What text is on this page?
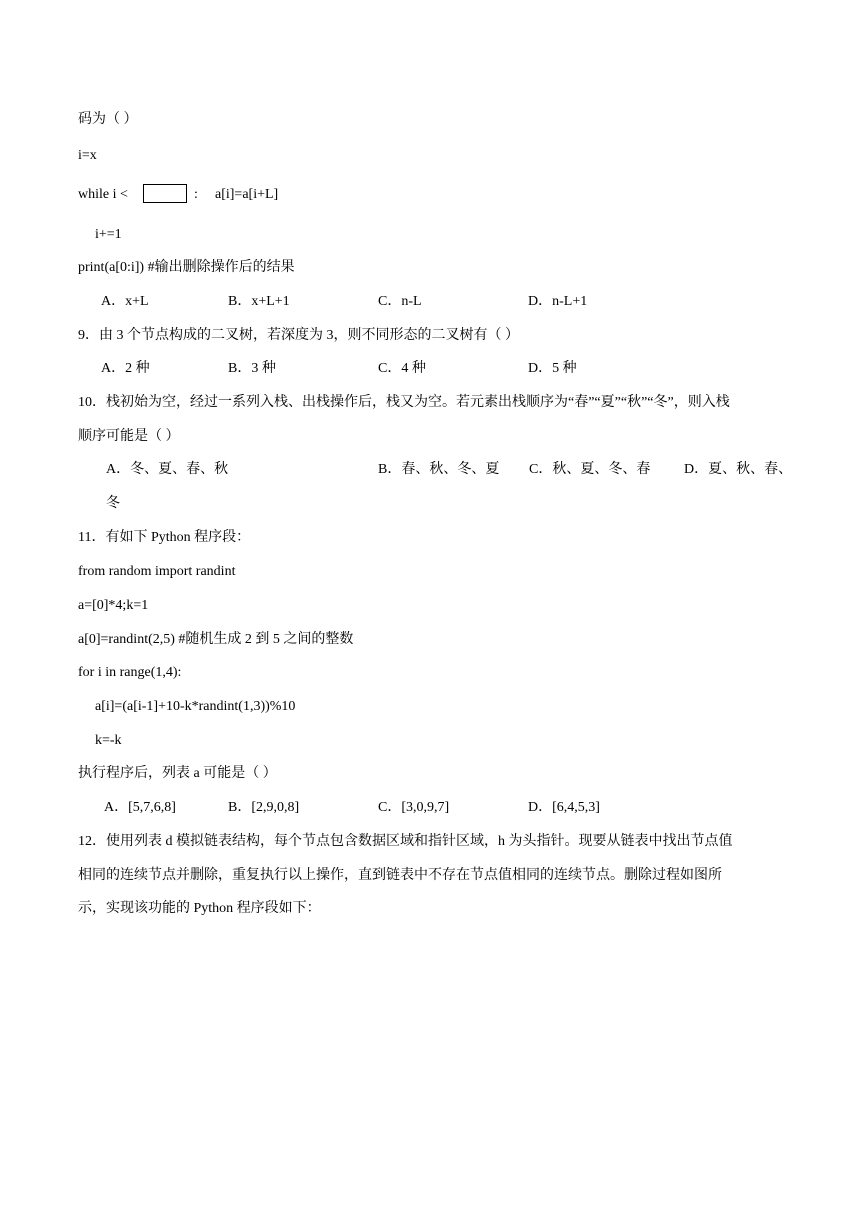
码为（ ）
i=x
while i <	: a[i]=a[i+L]
i+=1
print(a[0:i]) #输出删除操作后的结果
A．x+L	B．x+L+1	C．n-L	D．n-L+1
9．由 3 个节点构成的二叉树，若深度为 3，则不同形态的二叉树有（ ）
A．2 种	B．3 种	C．4 种	D．5 种
10．栈初始为空，经过一系列入栈、出栈操作后，栈又为空。若元素出栈顺序为“春”“夏”“秋”“冬”，则入栈
顺序可能是（ ）
A．冬、夏、春、秋	B．春、秋、冬、夏 C．秋、夏、冬、春 D．夏、秋、春、
冬
11．有如下 Python 程序段：
from random import randint
a=[0]*4;k=1
a[0]=randint(2,5) #随机生成 2 到 5 之间的整数
for i in range(1,4):
a[i]=(a[i-1]+10-k*randint(1,3))%10
k=-k
执行程序后，列表 a 可能是（ ）
A．[5,7,6,8]	B．[2,9,0,8]	C．[3,0,9,7]	D．[6,4,5,3]
12．使用列表 d 模拟链表结构，每个节点包含数据区域和指针区域，h 为头指针。现要从链表中找出节点值
相同的连续节点并删除，重复执行以上操作，直到链表中不存在节点值相同的连续节点。删除过程如图所
示，实现该功能的 Python 程序段如下：
